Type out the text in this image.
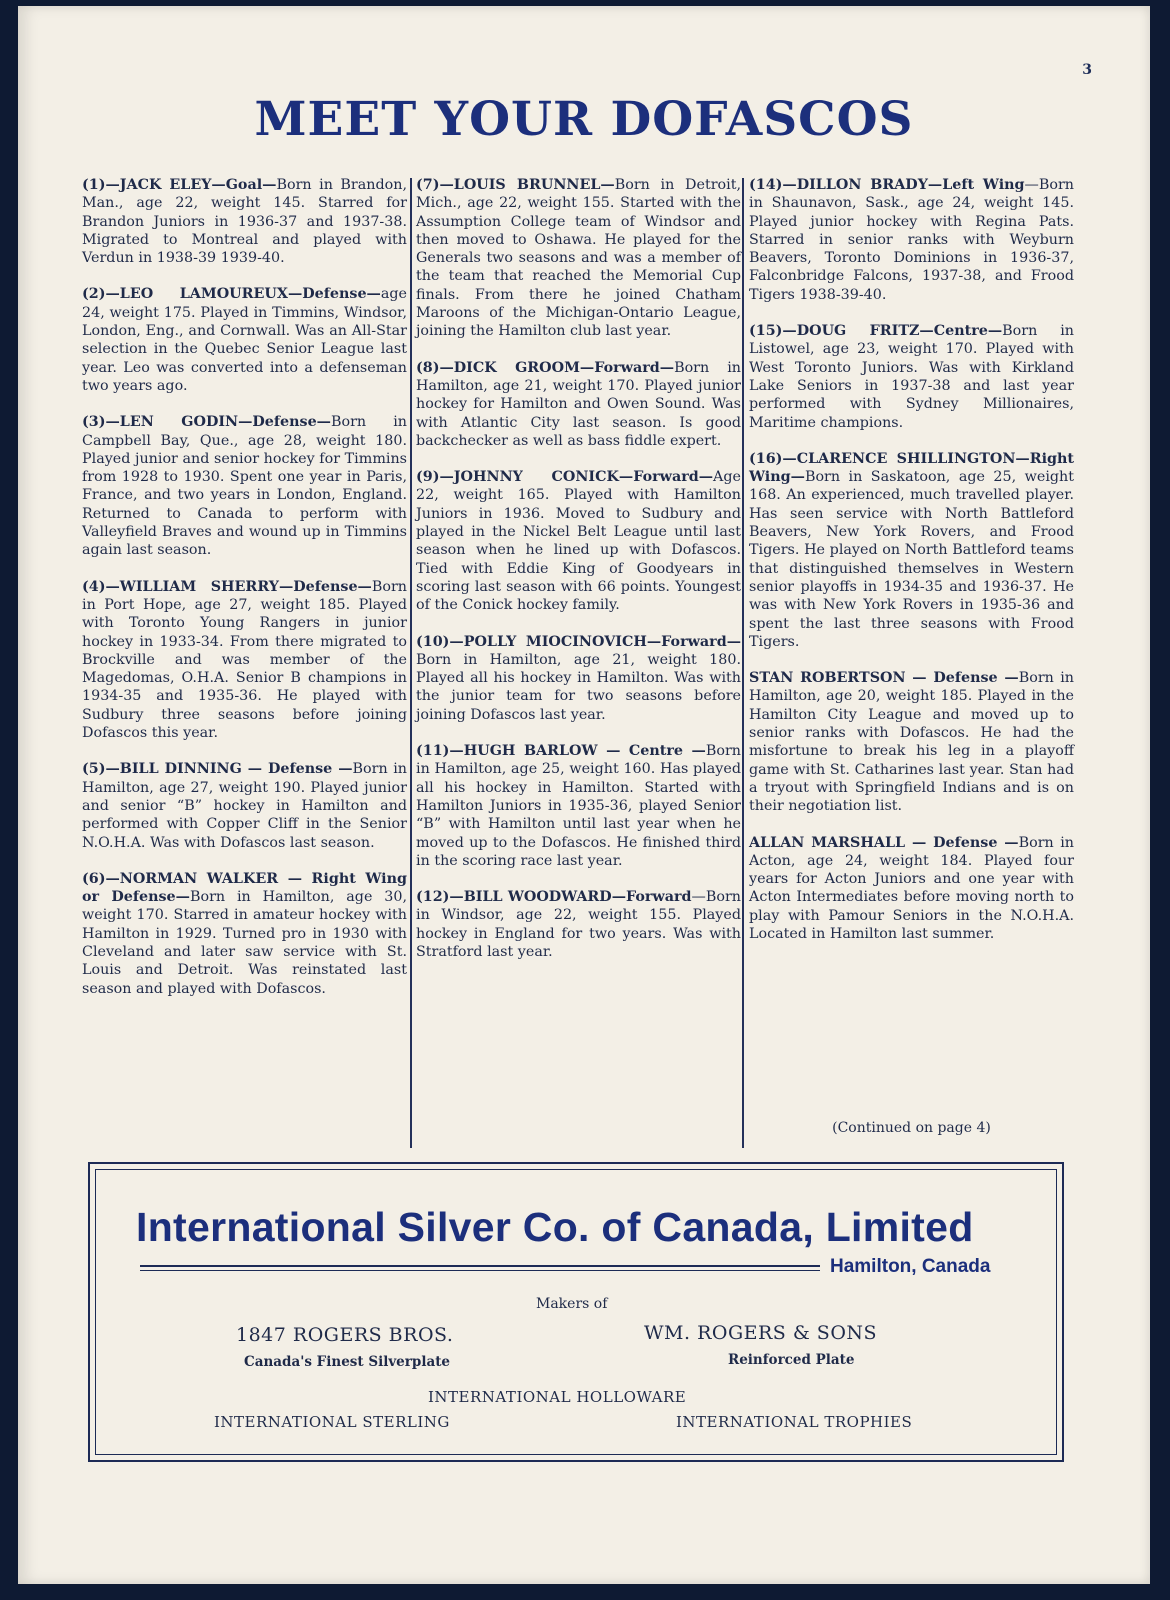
3
MEET YOUR DOFASCOS

(1)—JACK ELEY—Goal—Born in Brandon, Man., age 22, weight 145. Starred for Brandon Juniors in 1936-37 and 1937-38. Migrated to Montreal and played with Verdun in 1938-39 1939-40.

(2)—LEO LAMOUREUX—Defense—age 24, weight 175. Played in Timmins, Windsor, London, Eng., and Cornwall. Was an All-Star selection in the Quebec Senior League last year. Leo was converted into a defenseman two years ago.

(3)—LEN GODIN—Defense—Born in Campbell Bay, Que., age 28, weight 180. Played junior and senior hockey for Timmins from 1928 to 1930. Spent one year in Paris, France, and two years in London, England. Returned to Canada to perform with Valleyfield Braves and wound up in Timmins again last season.

(4)—WILLIAM SHERRY—Defense—Born in Port Hope, age 27, weight 185. Played with Toronto Young Rangers in junior hockey in 1933-34. From there migrated to Brockville and was member of the Magedomas, O.H.A. Senior B champions in 1934-35 and 1935-36. He played with Sudbury three seasons before joining Dofascos this year.

(5)—BILL DINNING — Defense —Born in Hamilton, age 27, weight 190. Played junior and senior “B” hockey in Hamilton and performed with Copper Cliff in the Senior N.O.H.A. Was with Dofascos last season.

(6)—NORMAN WALKER — Right Wing or Defense—Born in Hamilton, age 30, weight 170. Starred in amateur hockey with Hamilton in 1929. Turned pro in 1930 with Cleveland and later saw service with St. Louis and Detroit. Was reinstated last season and played with Dofascos.

(7)—LOUIS BRUNNEL—Born in Detroit, Mich., age 22, weight 155. Started with the Assumption College team of Windsor and then moved to Oshawa. He played for the Generals two seasons and was a member of the team that reached the Memorial Cup finals. From there he joined Chatham Maroons of the Michigan-Ontario League, joining the Hamilton club last year.

(8)—DICK GROOM—Forward—Born in Hamilton, age 21, weight 170. Played junior hockey for Hamilton and Owen Sound. Was with Atlantic City last season. Is good backchecker as well as bass fiddle expert.

(9)—JOHNNY CONICK—Forward—Age 22, weight 165. Played with Hamilton Juniors in 1936. Moved to Sudbury and played in the Nickel Belt League until last season when he lined up with Dofascos. Tied with Eddie King of Goodyears in scoring last season with 66 points. Youngest of the Conick hockey family.

(10)—POLLY MIOCINOVICH—Forward—Born in Hamilton, age 21, weight 180. Played all his hockey in Hamilton. Was with the junior team for two seasons before joining Dofascos last year.

(11)—HUGH BARLOW — Centre —Born in Hamilton, age 25, weight 160. Has played all his hockey in Hamilton. Started with Hamilton Juniors in 1935-36, played Senior “B” with Hamilton until last year when he moved up to the Dofascos. He finished third in the scoring race last year.

(12)—BILL WOODWARD—Forward—Born in Windsor, age 22, weight 155. Played hockey in England for two years. Was with Stratford last year.

(14)—DILLON BRADY—Left Wing—Born in Shaunavon, Sask., age 24, weight 145. Played junior hockey with Regina Pats. Starred in senior ranks with Weyburn Beavers, Toronto Dominions in 1936-37, Falconbridge Falcons, 1937-38, and Frood Tigers 1938-39-40.

(15)—DOUG FRITZ—Centre—Born in Listowel, age 23, weight 170. Played with West Toronto Juniors. Was with Kirkland Lake Seniors in 1937-38 and last year performed with Sydney Millionaires, Maritime champions.

(16)—CLARENCE SHILLINGTON—Right Wing—Born in Saskatoon, age 25, weight 168. An experienced, much travelled player. Has seen service with North Battleford Beavers, New York Rovers, and Frood Tigers. He played on North Battleford teams that distinguished themselves in Western senior playoffs in 1934-35 and 1936-37. He was with New York Rovers in 1935-36 and spent the last three seasons with Frood Tigers.

STAN ROBERTSON — Defense —Born in Hamilton, age 20, weight 185. Played in the Hamilton City League and moved up to senior ranks with Dofascos. He had the misfortune to break his leg in a playoff game with St. Catharines last year. Stan had a tryout with Springfield Indians and is on their negotiation list.

ALLAN MARSHALL — Defense —Born in Acton, age 24, weight 184. Played four years for Acton Juniors and one year with Acton Intermediates before moving north to play with Pamour Seniors in the N.O.H.A. Located in Hamilton last summer.

(Continued on page 4)
International Silver Co. of Canada, Limited
Hamilton, Canada
Makers of
1847 ROGERS BROS.
Canada's Finest Silverplate
WM. ROGERS & SONS
Reinforced Plate
INTERNATIONAL HOLLOWARE
INTERNATIONAL STERLING	INTERNATIONAL TROPHIES
